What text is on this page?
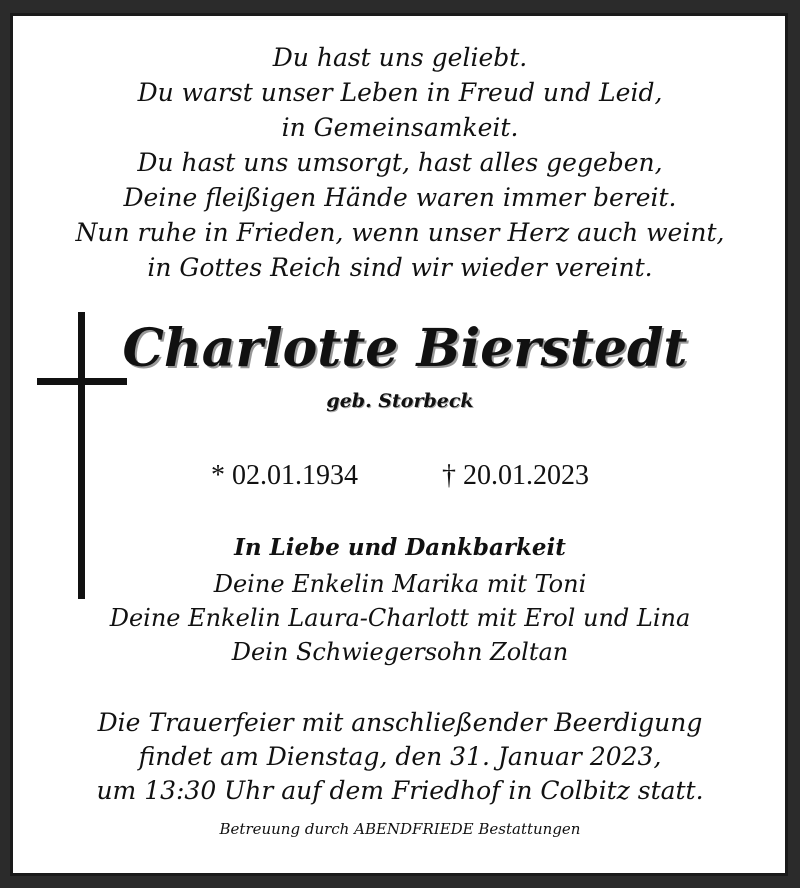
Du hast uns geliebt.
Du warst unser Leben in Freud und Leid,
in Gemeinsamkeit.
Du hast uns umsorgt, hast alles gegeben,
Deine fleißigen Hände waren immer bereit.
Nun ruhe in Frieden, wenn unser Herz auch weint,
in Gottes Reich sind wir wieder vereint.
Charlotte Bierstedt
geb. Storbeck
* 02.01.1934	† 20.01.2023
In Liebe und Dankbarkeit
Deine Enkelin Marika mit Toni
Deine Enkelin Laura-Charlott mit Erol und Lina
Dein Schwiegersohn Zoltan
Die Trauerfeier mit anschließender Beerdigung
findet am Dienstag, den 31. Januar 2023,
um 13:30 Uhr auf dem Friedhof in Colbitz statt.
Betreuung durch ABENDFRIEDE Bestattungen
